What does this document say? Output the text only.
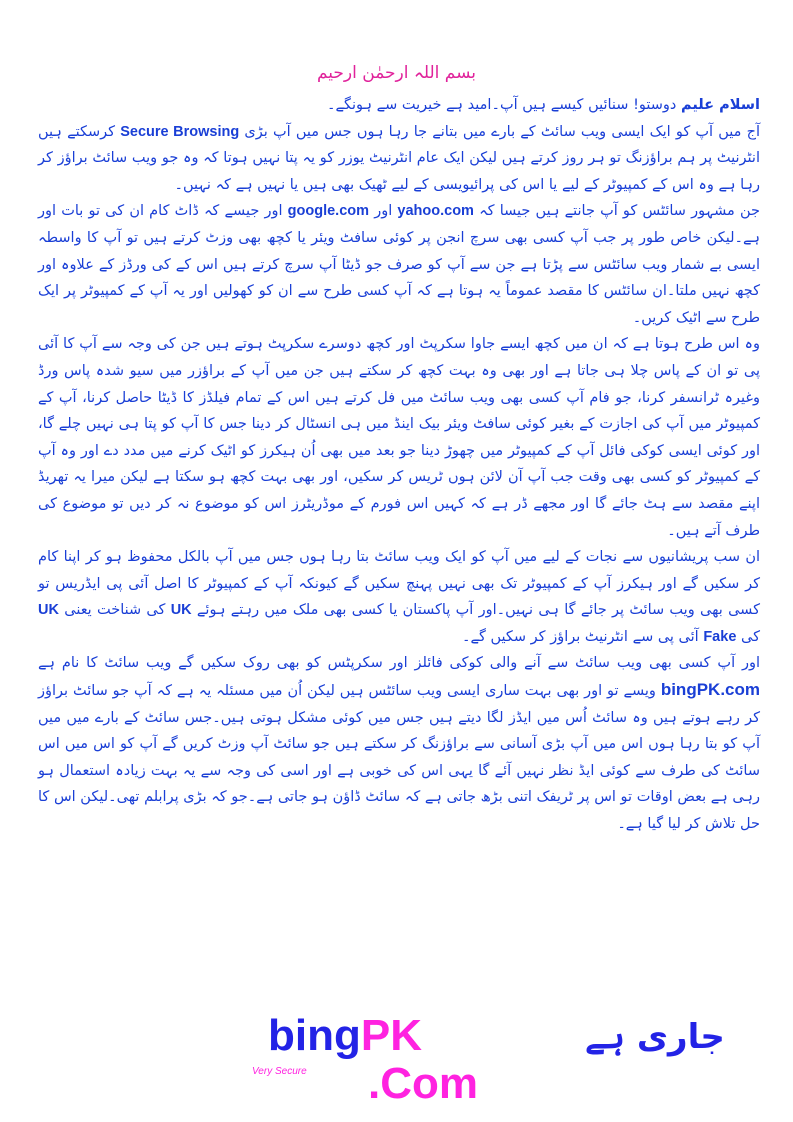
بسم اللہ ارحمٰن ارحیم

اسلام علیم دوستو! سنائیں کیسے ہیں آپ۔امید ہے خیریت سے ہونگے۔

آج میں آپ کو ایک ایسی ویب سائٹ کے بارے میں بتانے جا رہا ہوں جس میں آپ بڑی Secure Browsing کرسکتے ہیں انٹرنیٹ پر ہم براؤزنگ تو ہر روز کرتے ہیں لیکن ایک عام انٹرنیٹ یوزر کو یہ پتا نہیں ہوتا کہ وہ جو ویب سائٹ براؤز کر رہا ہے وہ اس کے کمپیوٹر کے لیے یا اس کی پرائیویسی کے لیے ٹھیک بھی ہیں یا نہیں ہے کہ نہیں۔

جن مشہور سائٹس کو آپ جانتے ہیں جیسا کہ yahoo.com اور google.com اور جیسے کہ ڈاٹ کام ان کی تو بات اور ہے۔لیکن خاص طور پر جب آپ کسی بھی سرچ انجن پر کوئی سافٹ ویئر یا کچھ بھی وزٹ کرتے ہیں تو آپ کا واسطہ ایسی بے شمار ویب سائٹس سے پڑتا ہے جن سے آپ کو صرف جو ڈیٹا آپ سرچ کرتے ہیں اس کے کی ورڈز کے علاوہ اور کچھ نہیں ملتا۔ان سائٹس کا مقصد عموماً یہ ہوتا ہے کہ آپ کسی طرح سے ان کو کھولیں اور یہ آپ کے کمپیوٹر پر ایک طرح سے اٹیک کریں۔

وہ اس طرح ہوتا ہے کہ ان میں کچھ ایسے جاوا سکرپٹ اور کچھ دوسرے سکرپٹ ہوتے ہیں جن کی وجہ سے آپ کا آئی پی تو ان کے پاس چلا ہی جاتا ہے اور بھی وہ بہت کچھ کر سکتے ہیں جن میں آپ کے براؤزر میں سیو شدہ پاس ورڈ وغیرہ ٹرانسفر کرنا، جو فام آپ کسی بھی ویب سائٹ میں فل کرتے ہیں اس کے تمام فیلڈز کا ڈیٹا حاصل کرنا، آپ کے کمپیوٹر میں آپ کی اجازت کے بغیر کوئی سافٹ ویئر بیک اینڈ میں ہی انسٹال کر دینا جس کا آپ کو پتا ہی نہیں چلے گا، اور کوئی ایسی کوکی فائل آپ کے کمپیوٹر میں چھوڑ دینا جو بعد میں بھی اُن ہیکرز کو اٹیک کرنے میں مدد دے اور وہ آپ کے کمپیوٹر کو کسی بھی وقت جب آپ آن لائن ہوں ٹریس کر سکیں، اور بھی بہت کچھ ہو سکتا ہے لیکن میرا یہ تھریڈ اپنے مقصد سے ہٹ جائے گا اور مجھے ڈر ہے کہ کہیں اس فورم کے موڈریٹرز اس کو موضوع نہ کر دیں تو موضوع کی طرف آتے ہیں۔

ان سب پریشانیوں سے نجات کے لیے میں آپ کو ایک ویب سائٹ بتا رہا ہوں جس میں آپ بالکل محفوظ ہو کر اپنا کام کر سکیں گے اور ہیکرز آپ کے کمپیوٹر تک بھی نہیں پہنچ سکیں گے کیونکہ آپ کے کمپیوٹر کا اصل آئی پی ایڈریس تو کسی بھی ویب سائٹ پر جائے گا ہی نہیں۔اور آپ پاکستان یا کسی بھی ملک میں رہتے ہوئے UK کی شناخت یعنی UK کی Fake آئی پی سے انٹرنیٹ براؤز کر سکیں گے۔

اور آپ کسی بھی ویب سائٹ سے آنے والی کوکی فائلز اور سکرپٹس کو بھی روک سکیں گے ویب سائٹ کا نام ہے bingPK.com ویسے تو اور بھی بہت ساری ایسی ویب سائٹس ہیں لیکن اُن میں مسئلہ یہ ہے کہ آپ جو سائٹ براؤز کر رہے ہوتے ہیں وہ سائٹ اُس میں ایڈز لگا دیتے ہیں جس میں کوئی مشکل ہوتی ہیں۔جس سائٹ کے بارے میں میں آپ کو بتا رہا ہوں اس میں آپ بڑی آسانی سے براؤزنگ کر سکتے ہیں جو سائٹ آپ وزٹ کریں گے آپ کو اس میں اس سائٹ کی طرف سے کوئی ایڈ نظر نہیں آئے گا یہی اس کی خوبی ہے اور اسی کی وجہ سے یہ بہت زیادہ استعمال ہو رہی ہے بعض اوقات تو اس پر ٹریفک اتنی بڑھ جاتی ہے کہ سائٹ ڈاؤن ہو جاتی ہے۔جو کہ بڑی پرابلم تھی۔لیکن اس کا حل تلاش کر لیا گیا ہے۔

bingPK
Very Secure .Com
جاری ہے
